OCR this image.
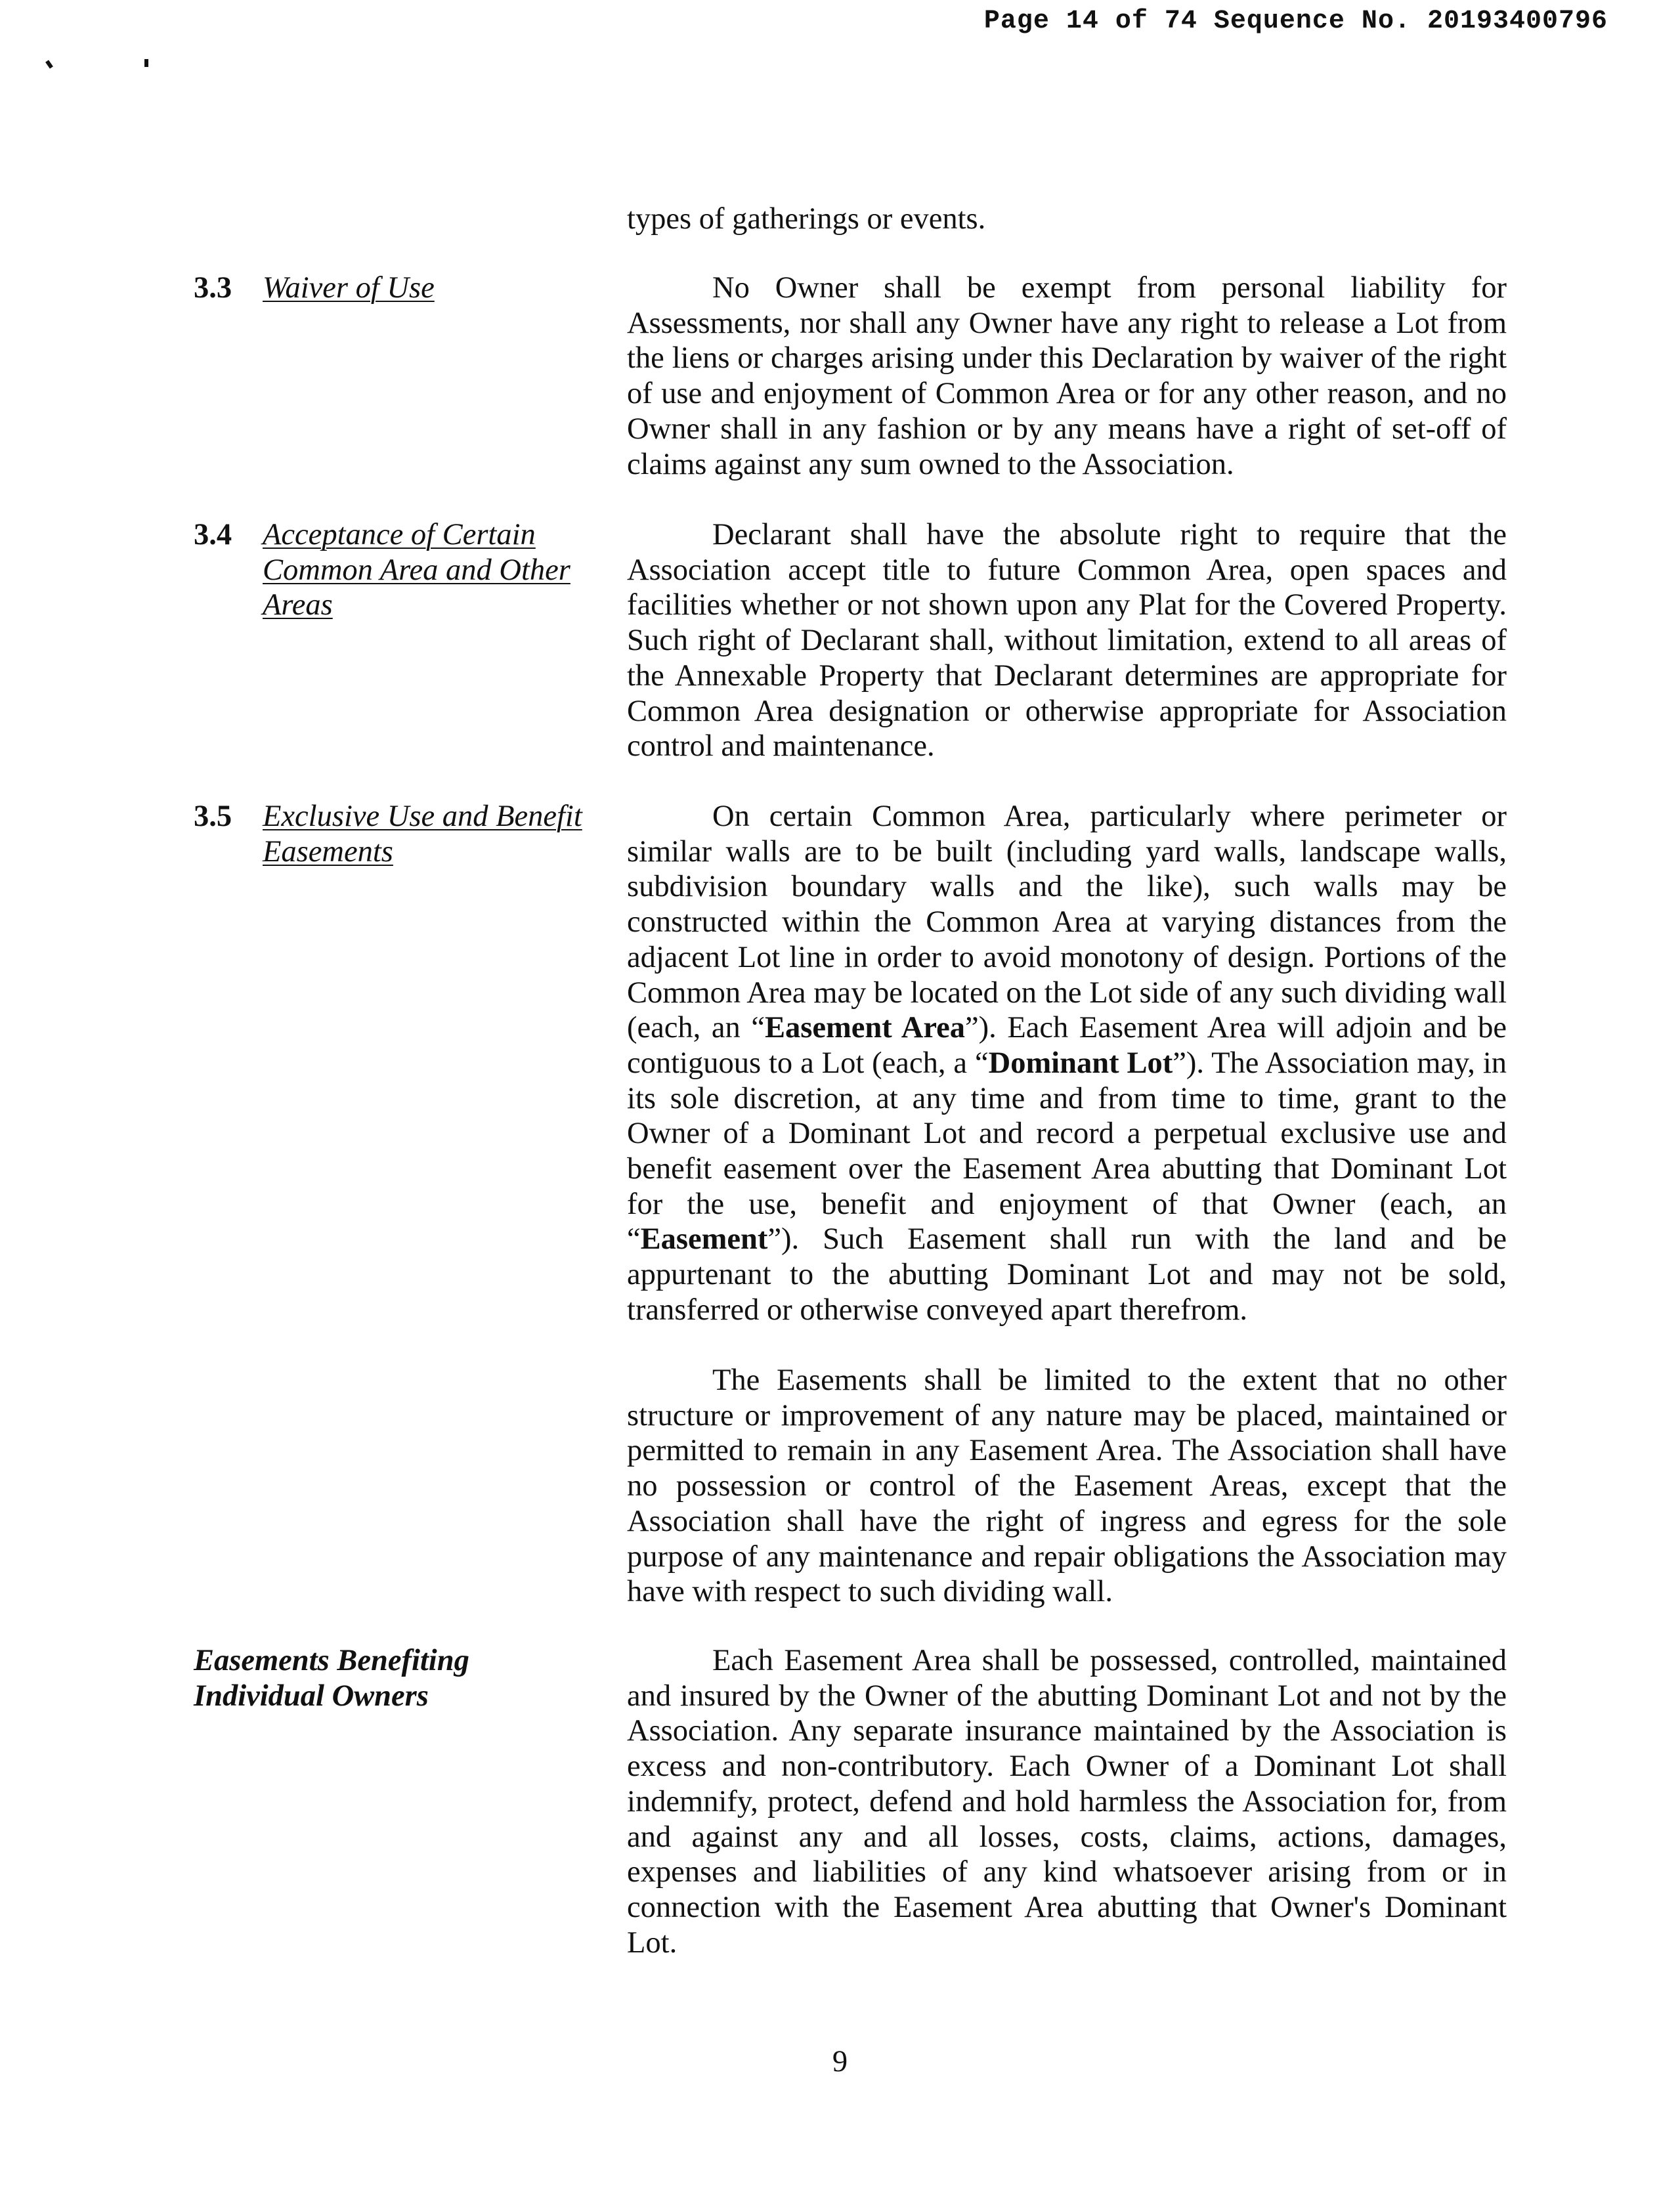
Page 14 of 74 Sequence No. 20193400796

types of gatherings or events.

3.3 Waiver of Use	No Owner shall be exempt from personal liability for Assessments, nor shall any Owner have any right to release a Lot from the liens or charges arising under this Declaration by waiver of the right of use and enjoyment of Common Area or for any other reason, and no Owner shall in any fashion or by any means have a right of set-off of claims against any sum owned to the Association.

3.4 Acceptance of Certain
Common Area and Other
Areas

Declarant shall have the absolute right to require that the Association accept title to future Common Area, open spaces and facilities whether or not shown upon any Plat for the Covered Property. Such right of Declarant shall, without limitation, extend to all areas of the Annexable Property that Declarant determines are appropriate for Common Area designation or otherwise appropriate for Association control and maintenance.

3.5 Exclusive Use and Benefit
Easements

On certain Common Area, particularly where perimeter or similar walls are to be built (including yard walls, landscape walls, subdivision boundary walls and the like), such walls may be constructed within the Common Area at varying distances from the adjacent Lot line in order to avoid monotony of design. Portions of the Common Area may be located on the Lot side of any such dividing wall (each, an “Easement Area”). Each Easement Area will adjoin and be contiguous to a Lot (each, a “Dominant Lot”). The Association may, in its sole discretion, at any time and from time to time, grant to the Owner of a Dominant Lot and record a perpetual exclusive use and benefit easement over the Easement Area abutting that Dominant Lot for the use, benefit and enjoyment of that Owner (each, an “Easement”). Such Easement shall run with the land and be appurtenant to the abutting Dominant Lot and may not be sold, transferred or otherwise conveyed apart therefrom.

The Easements shall be limited to the extent that no other structure or improvement of any nature may be placed, maintained or permitted to remain in any Easement Area. The Association shall have no possession or control of the Easement Areas, except that the Association shall have the right of ingress and egress for the sole purpose of any maintenance and repair obligations the Association may have with respect to such dividing wall.

Easements Benefiting
Individual Owners

Each Easement Area shall be possessed, controlled, maintained and insured by the Owner of the abutting Dominant Lot and not by the Association. Any separate insurance maintained by the Association is excess and non-contributory. Each Owner of a Dominant Lot shall indemnify, protect, defend and hold harmless the Association for, from and against any and all losses, costs, claims, actions, damages, expenses and liabilities of any kind whatsoever arising from or in connection with the Easement Area abutting that Owner's Dominant Lot.

9
